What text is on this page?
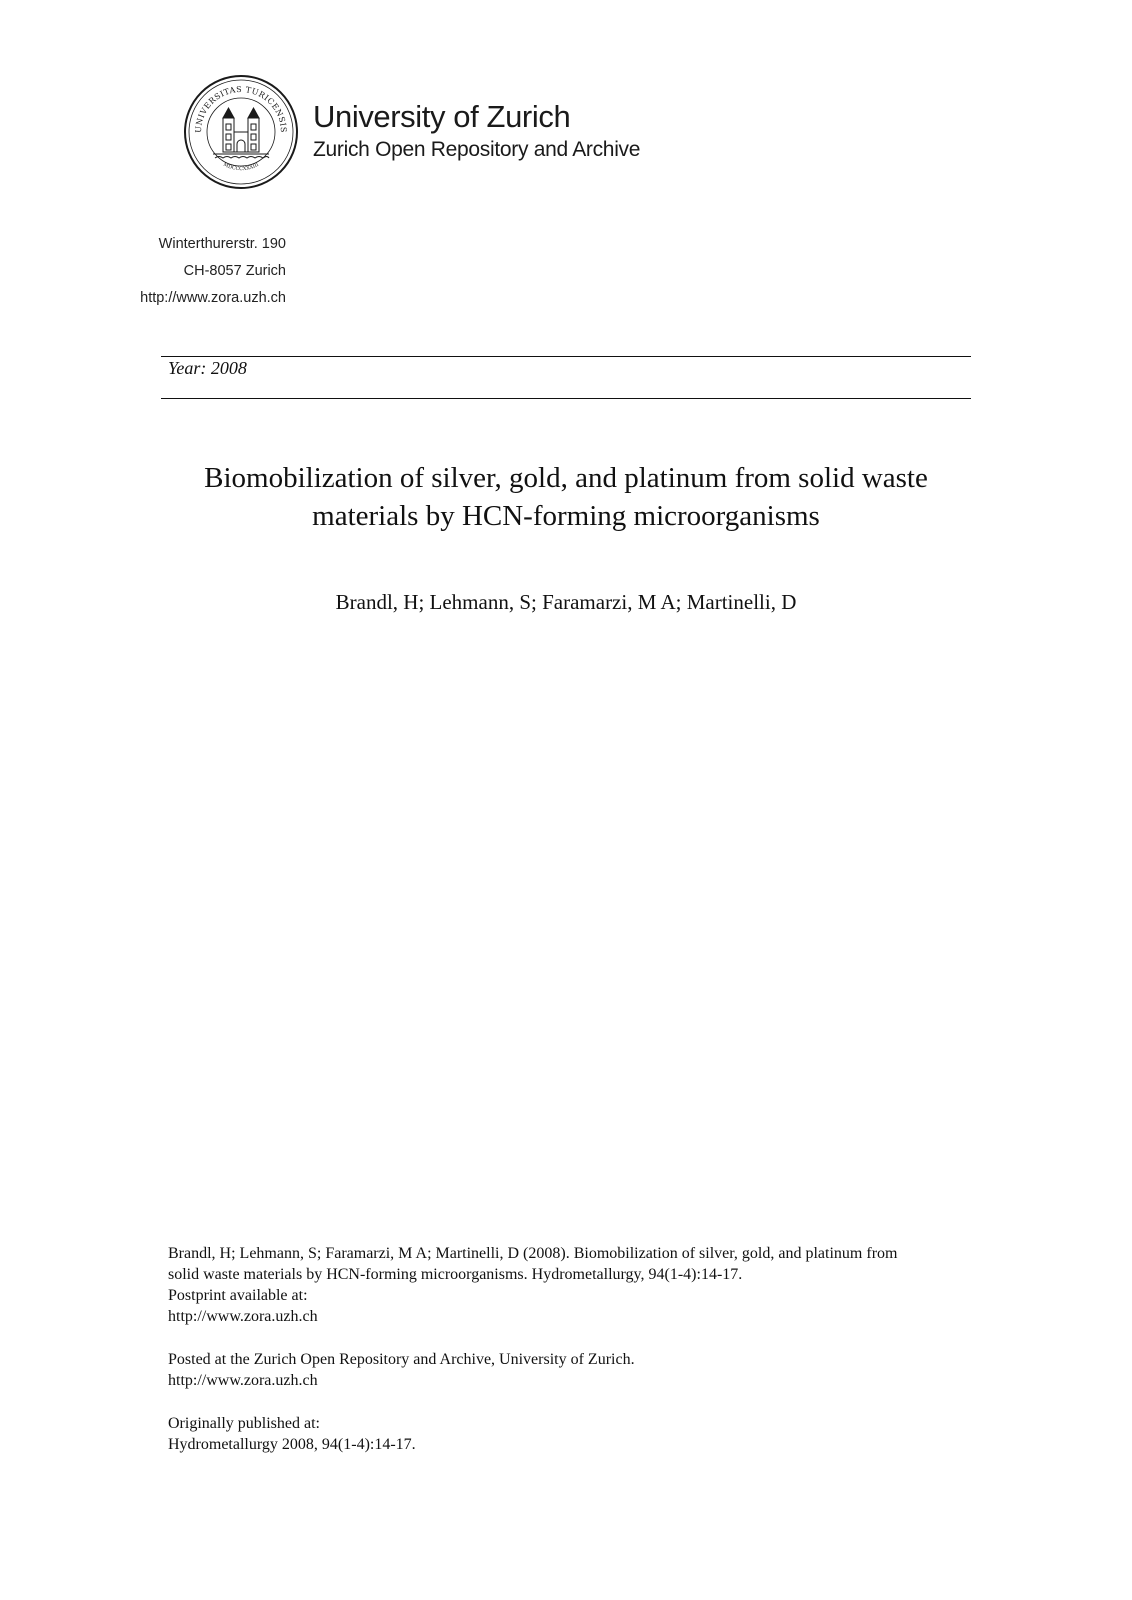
UNIVERSITAS TURICENSIS
MDCCCXXXIII
University of Zurich
Zurich Open Repository and Archive
Winterthurerstr. 190
CH-8057 Zurich
http://www.zora.uzh.ch
Year: 2008
Biomobilization of silver, gold, and platinum from solid waste
materials by HCN-forming microorganisms
Brandl, H; Lehmann, S; Faramarzi, M A; Martinelli, D
Brandl, H; Lehmann, S; Faramarzi, M A; Martinelli, D (2008). Biomobilization of silver, gold, and platinum from
solid waste materials by HCN-forming microorganisms. Hydrometallurgy, 94(1-4):14-17.
Postprint available at:
http://www.zora.uzh.ch
Posted at the Zurich Open Repository and Archive, University of Zurich.
http://www.zora.uzh.ch
Originally published at:
Hydrometallurgy 2008, 94(1-4):14-17.
